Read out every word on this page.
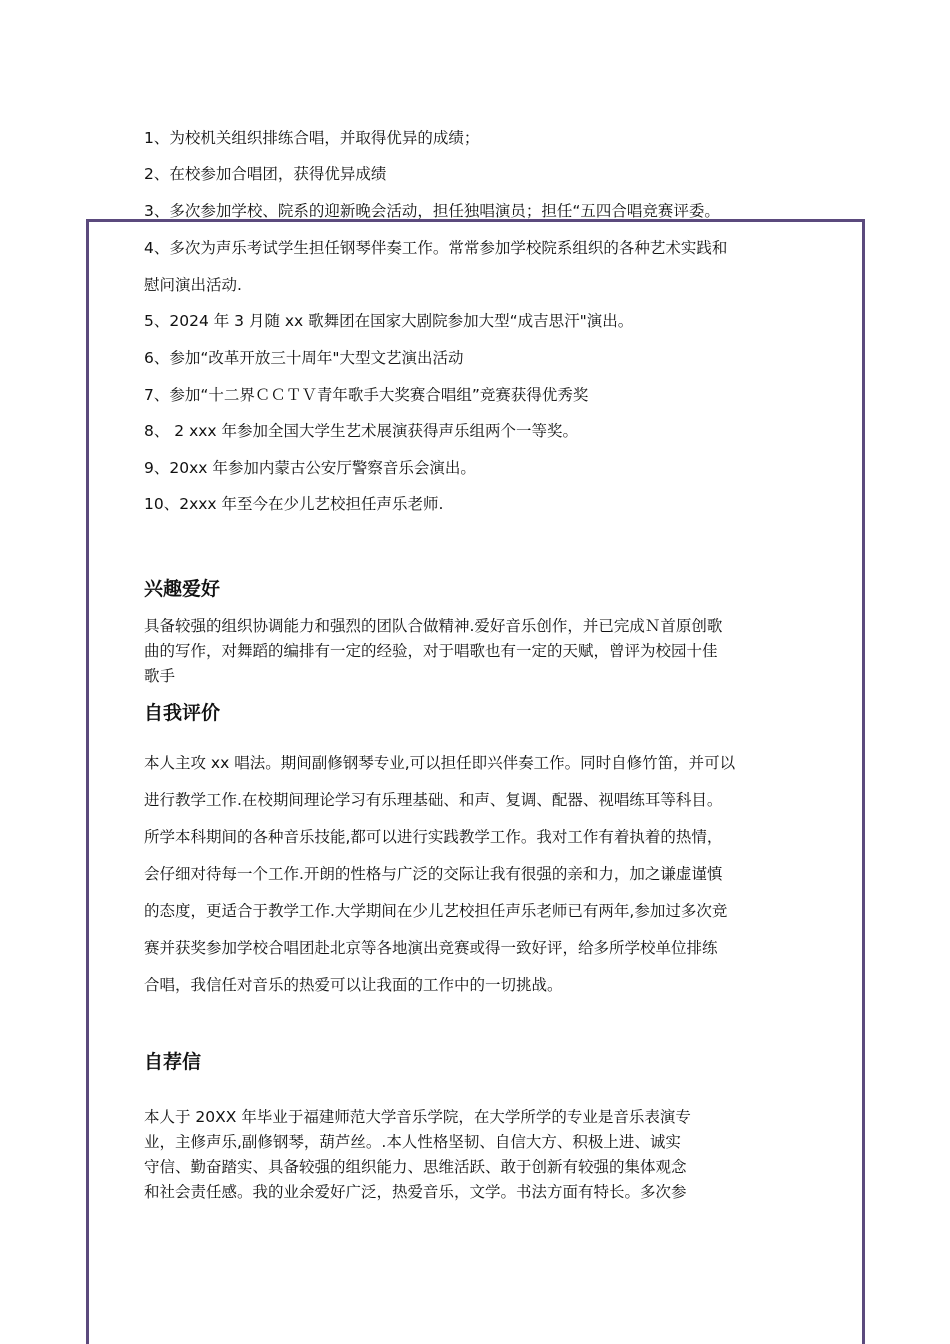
1、为校机关组织排练合唱，并取得优异的成绩；
2、在校参加合唱团，获得优异成绩
3、多次参加学校、院系的迎新晚会活动，担任独唱演员；担任“五四合唱竞赛评委。
4、多次为声乐考试学生担任钢琴伴奏工作。常常参加学校院系组织的各种艺术实践和
慰问演出活动.
5、2024 年 3 月随 xx 歌舞团在国家大剧院参加大型“成吉思汗"演出。
6、参加“改革开放三十周年"大型文艺演出活动
7、参加“十二界ＣＣＴＶ青年歌手大奖赛合唱组”竞赛获得优秀奖
8、 2 xxx 年参加全国大学生艺术展演获得声乐组两个一等奖。
9、20xx 年参加内蒙古公安厅警察音乐会演出。
10、2xxx 年至今在少儿艺校担任声乐老师.
兴趣爱好
具备较强的组织协调能力和强烈的团队合做精神.爱好音乐创作，并已完成Ｎ首原创歌
曲的写作，对舞蹈的编排有一定的经验，对于唱歌也有一定的天赋，曾评为校园十佳
歌手
自我评价
本人主攻 xx 唱法。期间副修钢琴专业,可以担任即兴伴奏工作。同时自修竹笛，并可以
进行教学工作.在校期间理论学习有乐理基础、和声、复调、配器、视唱练耳等科目。
所学本科期间的各种音乐技能,都可以进行实践教学工作。我对工作有着执着的热情，
会仔细对待每一个工作.开朗的性格与广泛的交际让我有很强的亲和力，加之谦虚谨慎
的态度，更适合于教学工作.大学期间在少儿艺校担任声乐老师已有两年,参加过多次竞
赛并获奖参加学校合唱团赴北京等各地演出竞赛或得一致好评，给多所学校单位排练
合唱，我信任对音乐的热爱可以让我面的工作中的一切挑战。
自荐信
本人于 20XX 年毕业于福建师范大学音乐学院，在大学所学的专业是音乐表演专
业，主修声乐,副修钢琴，葫芦丝。.本人性格坚韧、自信大方、积极上进、诚实
守信、勤奋踏实、具备较强的组织能力、思维活跃、敢于创新有较强的集体观念
和社会责任感。我的业余爱好广泛，热爱音乐，文学。书法方面有特长。多次参
